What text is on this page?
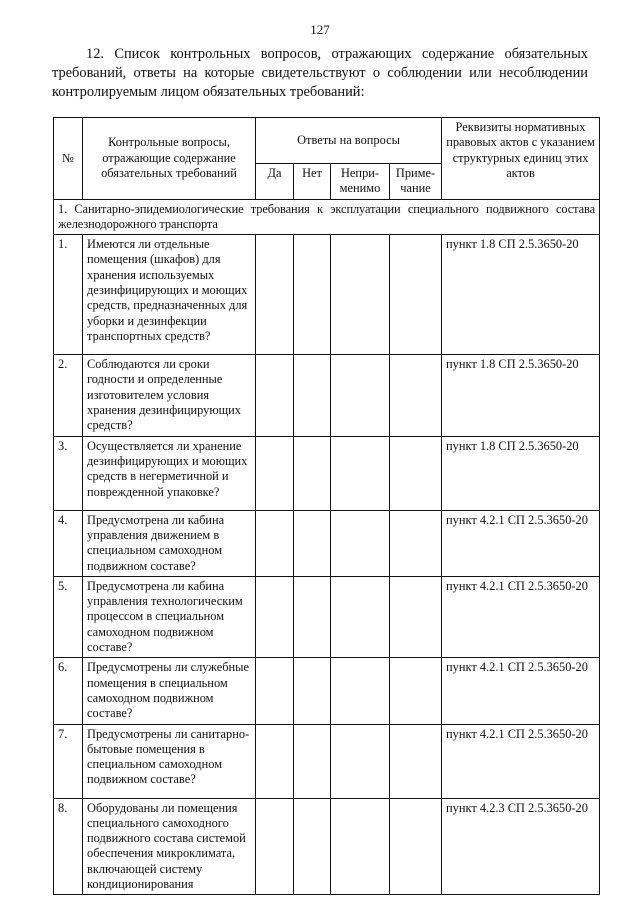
127

12. Список контрольных вопросов, отражающих содержание обязательных требований, ответы на которые свидетельствуют о соблюдении или несоблюдении контролируемым лицом обязательных требований:

№	Контрольные вопросы, отражающие содержание обязательных требований	Ответы на вопросы				Реквизиты нормативных правовых актов с указанием структурных единиц этих актов
		Да	Нет	Непри-менимо	Приме-чание	
1. Санитарно-эпидемиологические требования к эксплуатации специального подвижного состава железнодорожного транспорта						
1.	Имеются ли отдельные помещения (шкафов) для хранения используемых дезинфицирующих и моющих средств, предназначенных для уборки и дезинфекции транспортных средств?					пункт 1.8 СП 2.5.3650-20
2.	Соблюдаются ли сроки годности и определенные изготовителем условия хранения дезинфицирующих средств?					пункт 1.8 СП 2.5.3650-20
3.	Осуществляется ли хранение дезинфицирующих и моющих средств в негерметичной и поврежденной упаковке?					пункт 1.8 СП 2.5.3650-20
4.	Предусмотрена ли кабина управления движением в специальном самоходном подвижном составе?					пункт 4.2.1 СП 2.5.3650-20
5.	Предусмотрена ли кабина управления технологическим процессом в специальном самоходном подвижном составе?					пункт 4.2.1 СП 2.5.3650-20
6.	Предусмотрены ли служебные помещения в специальном самоходном подвижном составе?					пункт 4.2.1 СП 2.5.3650-20
7.	Предусмотрены ли санитарно-бытовые помещения в специальном самоходном подвижном составе?					пункт 4.2.1 СП 2.5.3650-20
8.	Оборудованы ли помещения специального самоходного подвижного состава системой обеспечения микроклимата, включающей систему кондиционирования					пункт 4.2.3 СП 2.5.3650-20
